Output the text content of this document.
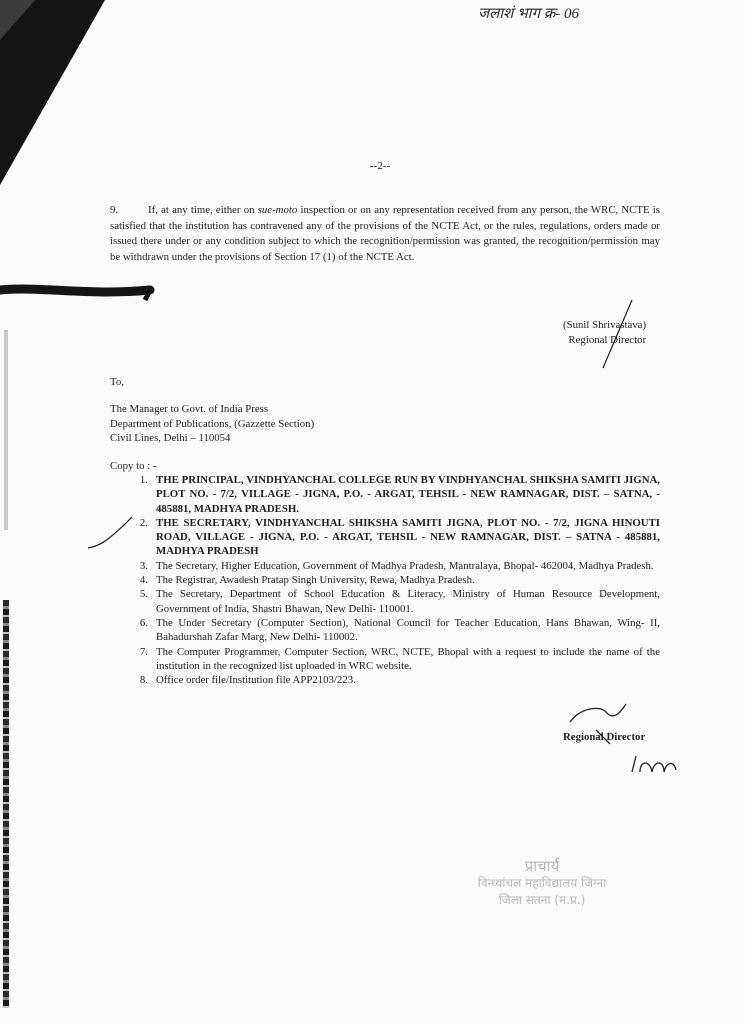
जलाशं भाग क्र- 06
--2--
9.	If, at any time, either on sue-moto inspection or on any representation received from any person, the WRC, NCTE is satisfied that the institution has contravened any of the provisions of the NCTE Act, or the rules, regulations, orders made or issued there under or any condition subject to which the recognition/permission was granted, the recognition/permission may be withdrawn under the provisions of Section 17 (1) of the NCTE Act.
(Sunil Shrivastava)
Regional Director
To,
The Manager to Govt. of India Press
Department of Publications, (Gazzette Section)
Civil Lines, Delhi – 110054
Copy to : -
1. THE PRINCIPAL, VINDHYANCHAL COLLEGE RUN BY VINDHYANCHAL SHIKSHA SAMITI JIGNA, PLOT NO. - 7/2, VILLAGE - JIGNA, P.O. - ARGAT, TEHSIL - NEW RAMNAGAR, DIST. – SATNA, - 485881, MADHYA PRADESH.
2. THE SECRETARY, VINDHYANCHAL SHIKSHA SAMITI JIGNA, PLOT NO. - 7/2, JIGNA HINOUTI ROAD, VILLAGE - JIGNA, P.O. - ARGAT, TEHSIL - NEW RAMNAGAR, DIST. – SATNA - 485881, MADHYA PRADESH
3. The Secretary, Higher Education, Government of Madhya Pradesh, Mantralaya, Bhopal- 462004, Madhya Pradesh.
4. The Registrar, Awadesh Pratap Singh University, Rewa, Madhya Pradesh.
5. The Secretary, Department of School Education & Literacy, Ministry of Human Resource Development, Government of India, Shastri Bhawan, New Delhi- 110001.
6. The Under Secretary (Computer Section), National Council for Teacher Education, Hans Bhawan, Wing- II, Bahadurshah Zafar Marg, New Delhi- 110002.
7. The Computer Programmer, Computer Section, WRC, NCTE, Bhopal with a request to include the name of the institution in the recognized list uploaded in WRC website.
8. Office order file/Institution file APP2103/223.
Regional Director
प्राचार्य
विन्ध्यांचल महाविद्यालय जिग्ना
जिला सतना (म.प्र.)
